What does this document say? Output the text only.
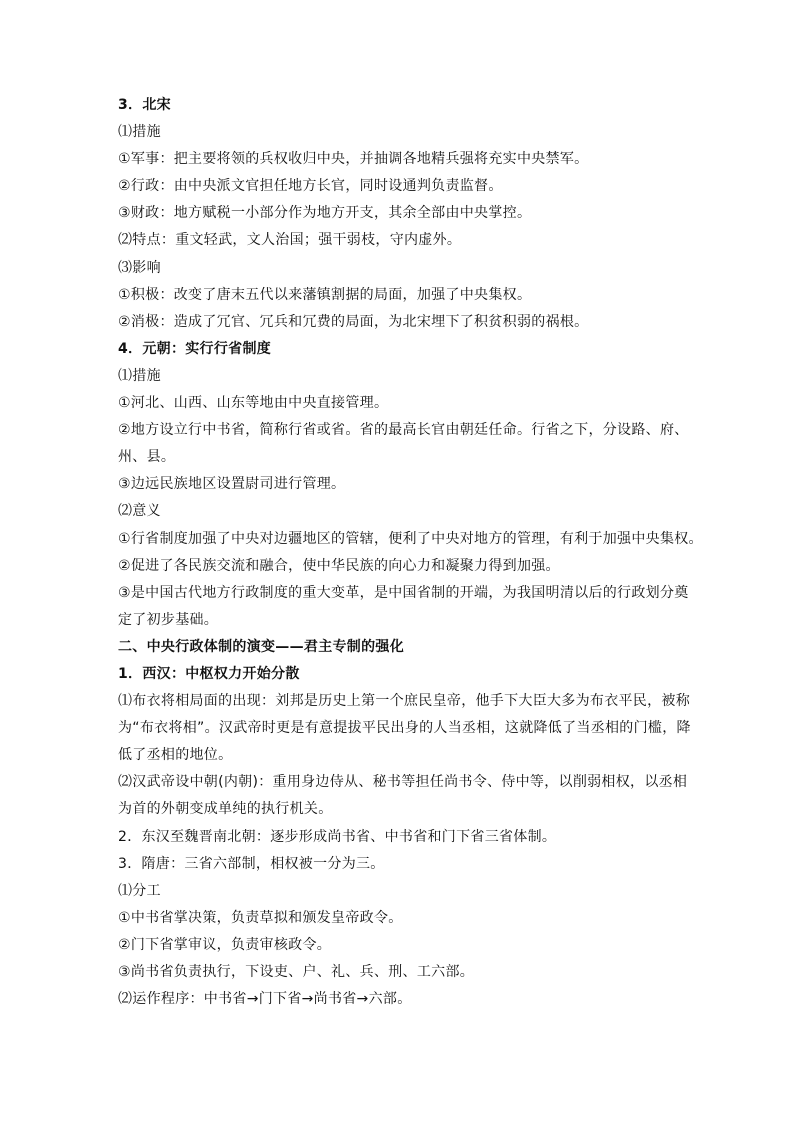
3．北宋
⑴措施
①军事：把主要将领的兵权收归中央，并抽调各地精兵强将充实中央禁军。
②行政：由中央派文官担任地方长官，同时设通判负责监督。
③财政：地方赋税一小部分作为地方开支，其余全部由中央掌控。
⑵特点：重文轻武，文人治国；强干弱枝，守内虚外。
⑶影响
①积极：改变了唐末五代以来藩镇割据的局面，加强了中央集权。
②消极：造成了冗官、冗兵和冗费的局面，为北宋埋下了积贫积弱的祸根。
4．元朝：实行行省制度
⑴措施
①河北、山西、山东等地由中央直接管理。
②地方设立行中书省，简称行省或省。省的最高长官由朝廷任命。行省之下，分设路、府、
州、县。
③边远民族地区设置尉司进行管理。
⑵意义
①行省制度加强了中央对边疆地区的管辖，便利了中央对地方的管理，有利于加强中央集权。
②促进了各民族交流和融合，使中华民族的向心力和凝聚力得到加强。
③是中国古代地方行政制度的重大变革，是中国省制的开端，为我国明清以后的行政划分奠
定了初步基础。
二、中央行政体制的演变——君主专制的强化
1．西汉：中枢权力开始分散
⑴布衣将相局面的出现：刘邦是历史上第一个庶民皇帝，他手下大臣大多为布衣平民，被称
为“布衣将相”。汉武帝时更是有意提拔平民出身的人当丞相，这就降低了当丞相的门槛，降
低了丞相的地位。
⑵汉武帝设中朝(内朝)：重用身边侍从、秘书等担任尚书令、侍中等，以削弱相权，以丞相
为首的外朝变成单纯的执行机关。
2．东汉至魏晋南北朝：逐步形成尚书省、中书省和门下省三省体制。
3．隋唐：三省六部制，相权被一分为三。
⑴分工
①中书省掌决策，负责草拟和颁发皇帝政令。
②门下省掌审议，负责审核政令。
③尚书省负责执行，下设吏、户、礼、兵、刑、工六部。
⑵运作程序：中书省→门下省→尚书省→六部。
